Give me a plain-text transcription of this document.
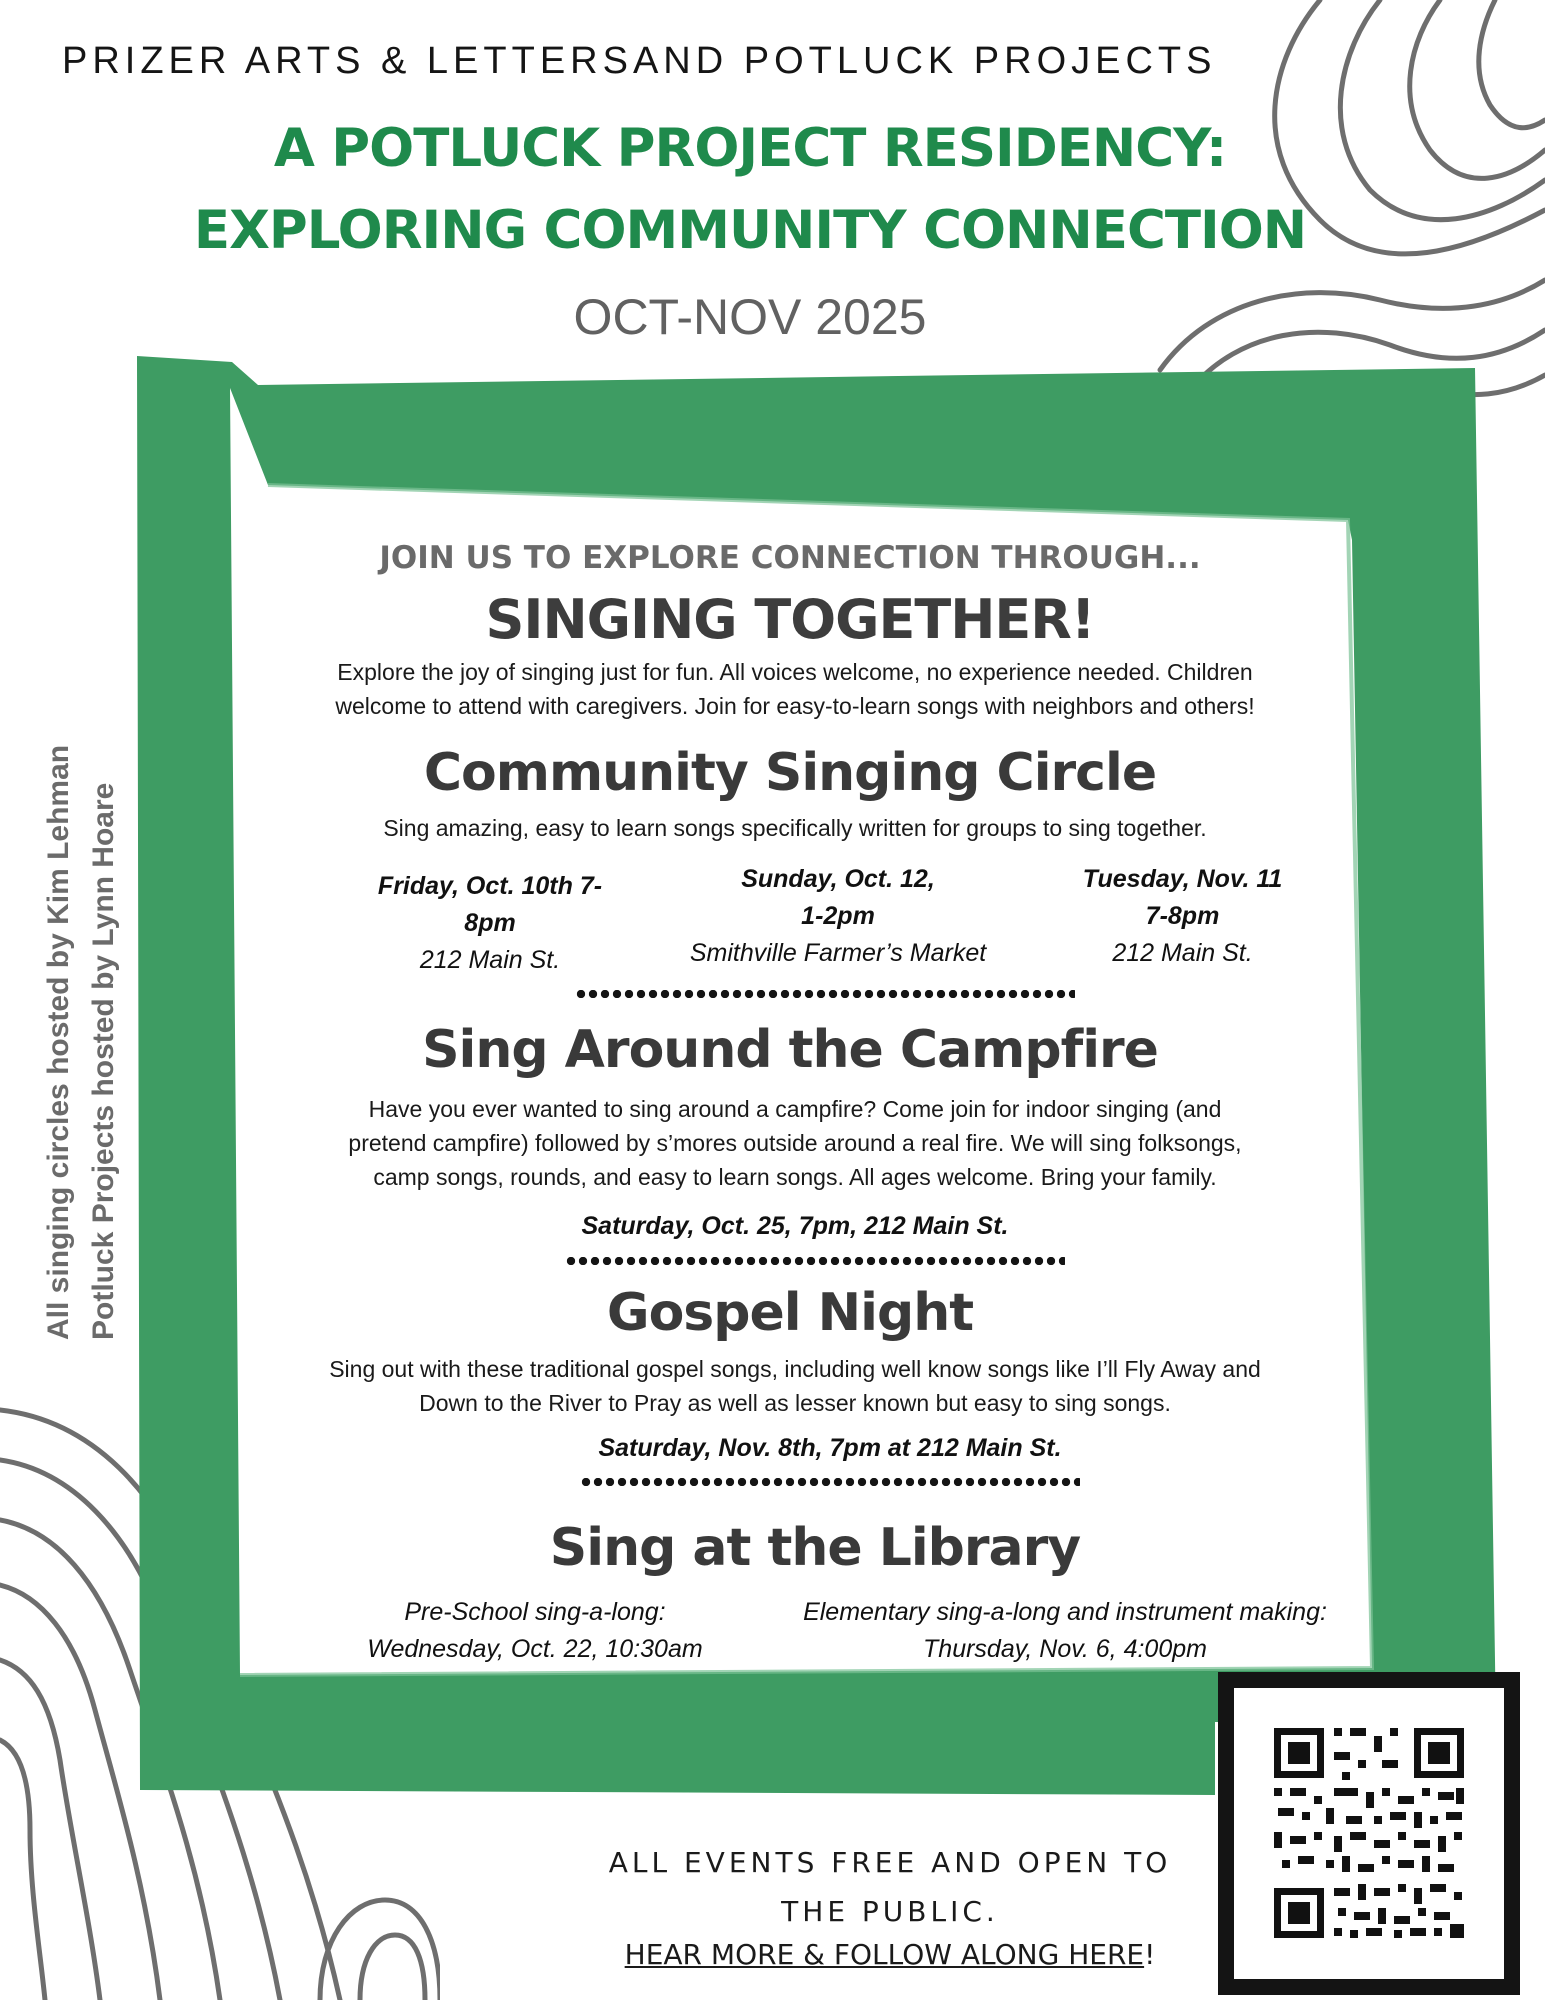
PRIZER ARTS & LETTERSAND POTLUCK PROJECTS
A POTLUCK PROJECT RESIDENCY:
EXPLORING COMMUNITY CONNECTION
OCT-NOV 2025
All singing circles hosted by Kim Lehman Potluck Projects hosted by Lynn Hoare
JOIN US TO EXPLORE CONNECTION THROUGH...
SINGING TOGETHER!
Explore the joy of singing just for fun. All voices welcome, no experience needed. Children
welcome to attend with caregivers. Join for easy-to-learn songs with neighbors and others!
Community Singing Circle
Sing amazing, easy to learn songs specifically written for groups to sing together.
Friday, Oct. 10th 7-
8pm
212 Main St.
Sunday, Oct. 12,
1-2pm
Smithville Farmer’s Market
Tuesday, Nov. 11
7-8pm
212 Main St.
Sing Around the Campfire
Have you ever wanted to sing around a campfire? Come join for indoor singing (and
pretend campfire) followed by s’mores outside around a real fire. We will sing folksongs,
camp songs, rounds, and easy to learn songs. All ages welcome. Bring your family.
Saturday, Oct. 25, 7pm, 212 Main St.
Gospel Night
Sing out with these traditional gospel songs, including well know songs like I’ll Fly Away and
Down to the River to Pray as well as lesser known but easy to sing songs.
Saturday, Nov. 8th, 7pm at 212 Main St.
Sing at the Library
Pre-School sing-a-long:
Wednesday, Oct. 22, 10:30am
Elementary sing-a-long and instrument making:
Thursday, Nov. 6, 4:00pm
ALL EVENTS FREE AND OPEN TO
THE PUBLIC.
HEAR MORE & FOLLOW ALONG HERE!
